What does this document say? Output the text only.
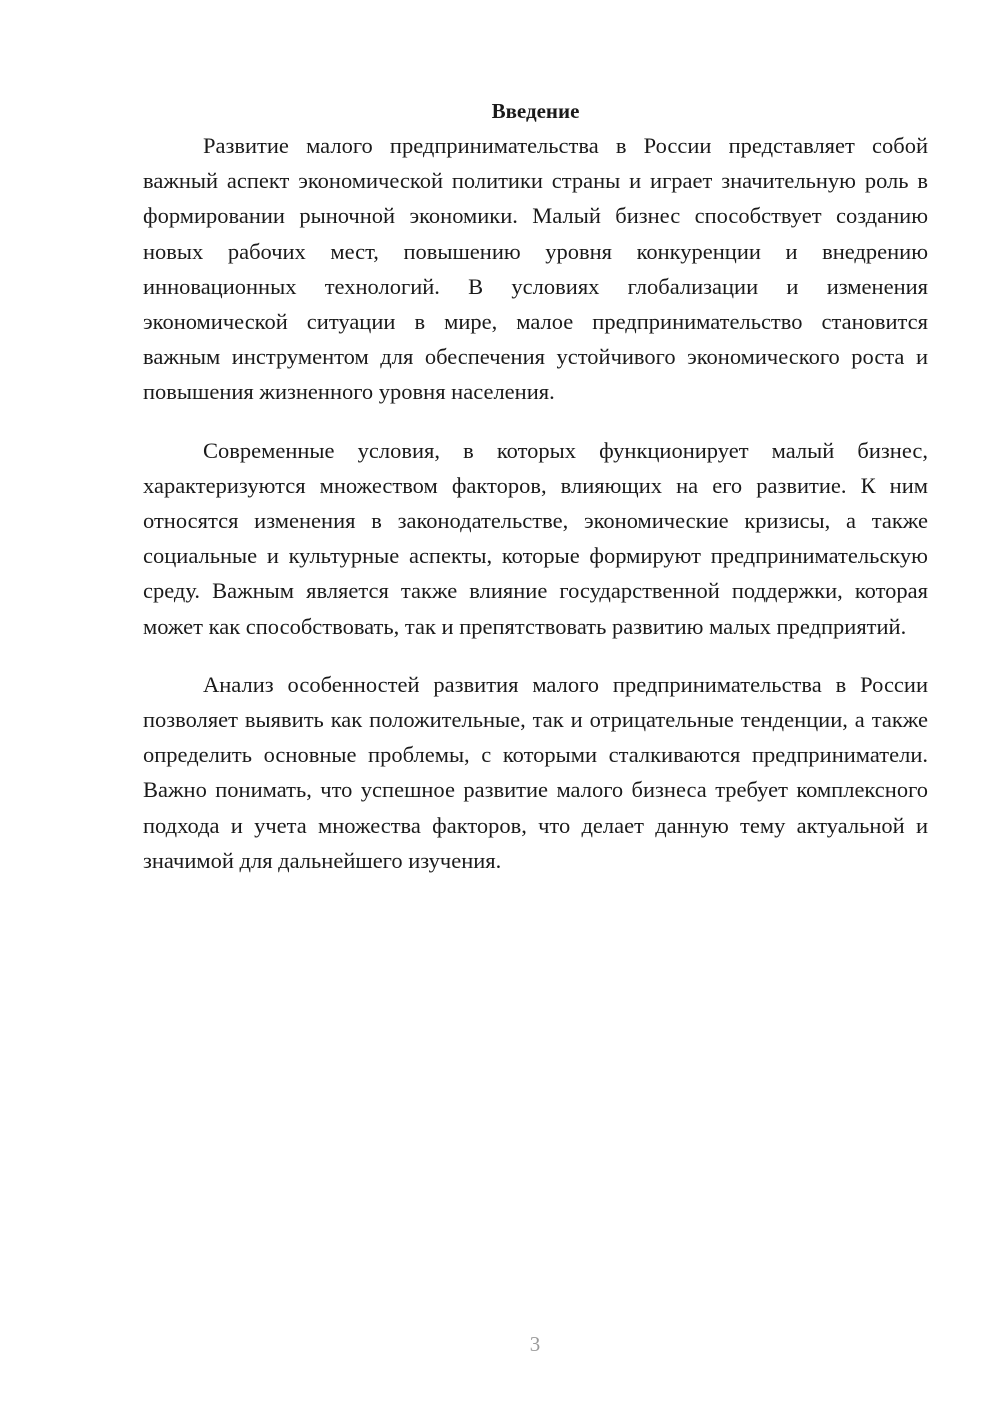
Введение

Развитие малого предпринимательства в России представляет собой важный аспект экономической политики страны и играет значительную роль в формировании рыночной экономики. Малый бизнес способствует созданию новых рабочих мест, повышению уровня конкуренции и внедрению инновационных технологий. В условиях глобализации и изменения экономической ситуации в мире, малое предпринимательство становится важным инструментом для обеспечения устойчивого экономического роста и повышения жизненного уровня населения.

Современные условия, в которых функционирует малый бизнес, характеризуются множеством факторов, влияющих на его развитие. К ним относятся изменения в законодательстве, экономические кризисы, а также социальные и культурные аспекты, которые формируют предпринимательскую среду. Важным является также влияние государственной поддержки, которая может как способствовать, так и препятствовать развитию малых предприятий.

Анализ особенностей развития малого предпринимательства в России позволяет выявить как положительные, так и отрицательные тенденции, а также определить основные проблемы, с которыми сталкиваются предприниматели. Важно понимать, что успешное развитие малого бизнеса требует комплексного подхода и учета множества факторов, что делает данную тему актуальной и значимой для дальнейшего изучения.

3
